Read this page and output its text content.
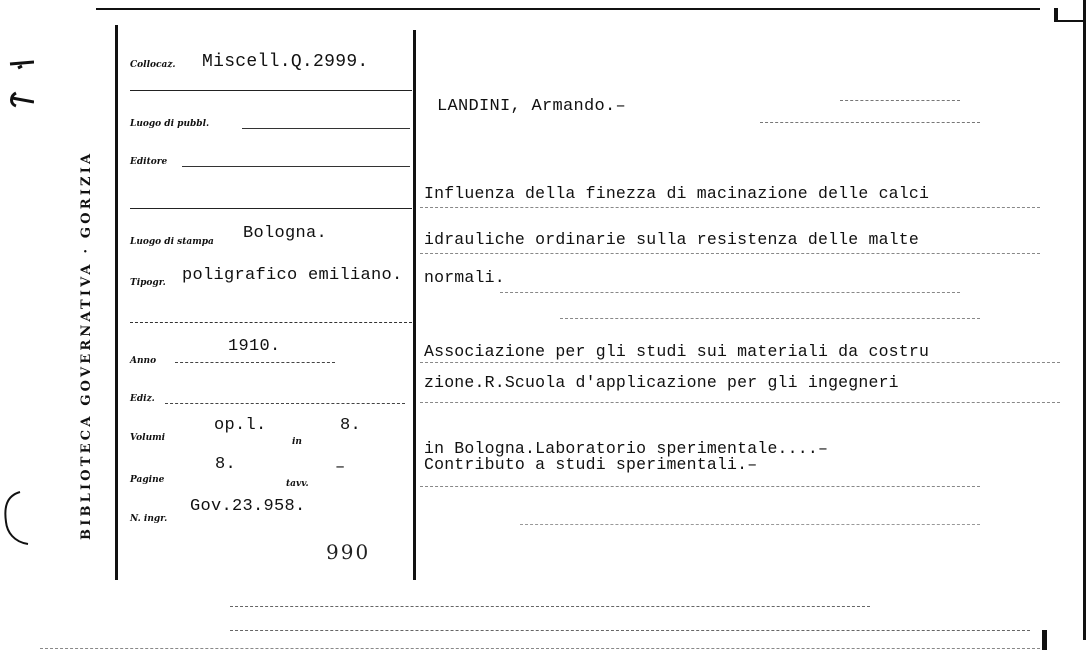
BIBLIOTECA GOVERNATIVA · GORIZIA
Collocaz. Miscell.Q.2999.
Luogo di pubbl.
Editore
Luogo di stampa Bologna.
Tipogr. poligrafico emiliano.
Anno
1910.
Ediz.
Volumi
op.l.
in
8.
Pagine
8.
tavv.
–
N. ingr.
Gov.23.958.
990
LANDINI, Armando.–
Influenza della finezza di macinazione delle calci
idrauliche ordinarie sulla resistenza delle malte
normali.
Associazione per gli studi sui materiali da costru
zione.R.Scuola d'applicazione per gli ingegneri
in Bologna.Laboratorio sperimentale....–
Contributo a studi sperimentali.–
